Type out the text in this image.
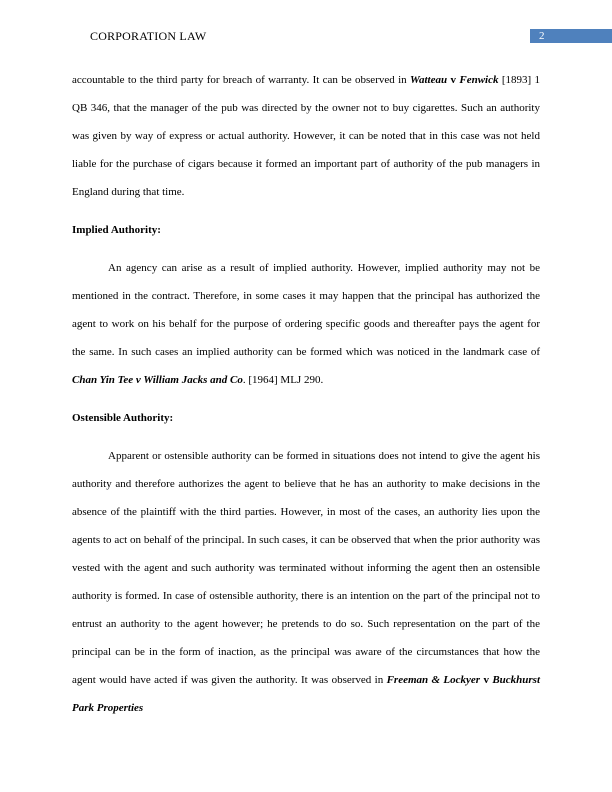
CORPORATION LAW	2

accountable to the third party for breach of warranty. It can be observed in Watteau v Fenwick [1893] 1 QB 346, that the manager of the pub was directed by the owner not to buy cigarettes. Such an authority was given by way of express or actual authority. However, it can be noted that in this case was not held liable for the purchase of cigars because it formed an important part of authority of the pub managers in England during that time.

Implied Authority:

An agency can arise as a result of implied authority. However, implied authority may not be mentioned in the contract. Therefore, in some cases it may happen that the principal has authorized the agent to work on his behalf for the purpose of ordering specific goods and thereafter pays the agent for the same. In such cases an implied authority can be formed which was noticed in the landmark case of Chan Yin Tee v William Jacks and Co. [1964] MLJ 290.

Ostensible Authority:

Apparent or ostensible authority can be formed in situations does not intend to give the agent his authority and therefore authorizes the agent to believe that he has an authority to make decisions in the absence of the plaintiff with the third parties. However, in most of the cases, an authority lies upon the agents to act on behalf of the principal. In such cases, it can be observed that when the prior authority was vested with the agent and such authority was terminated without informing the agent then an ostensible authority is formed. In case of ostensible authority, there is an intention on the part of the principal not to entrust an authority to the agent however; he pretends to do so. Such representation on the part of the principal can be in the form of inaction, as the principal was aware of the circumstances that how the agent would have acted if was given the authority. It was observed in Freeman & Lockyer v Buckhurst Park Properties
